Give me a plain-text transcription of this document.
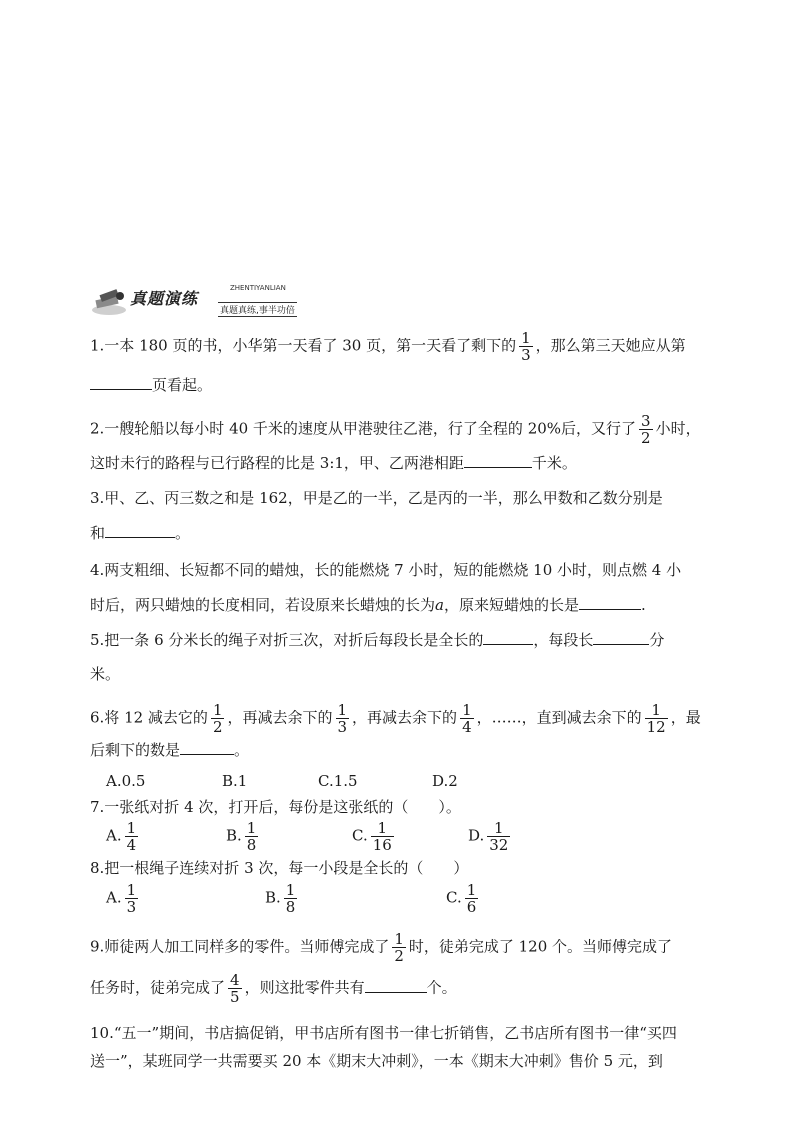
真题演练
ZHENTIYANLIAN
真题真练,事半功倍
1.一本 180 页的书，小华第一天看了 30 页，第一天看了剩下的 $\frac{1}{3}$ ，那么第三天她应从第
页看起。
2.一艘轮船以每小时 40 千米的速度从甲港驶往乙港，行了全程的 20%后，又行了 $\frac{3}{2}$ 小时，
这时未行的路程与已行路程的比是 3:1，甲、乙两港相距	千米。
3.甲、乙、丙三数之和是 162，甲是乙的一半，乙是丙的一半，那么甲数和乙数分别是
和	。
4.两支粗细、长短都不同的蜡烛，长的能燃烧 7 小时，短的能燃烧 10 小时，则点燃 4 小
时后，两只蜡烛的长度相同，若设原来长蜡烛的长为a，原来短蜡烛的长是	.
5.把一条 6 分米长的绳子对折三次，对折后每段长是全长的	，每段长	分
米。
6.将 12 减去它的 $\frac{1}{2}$ ，再减去余下的 $\frac{1}{3}$ ，再减去余下的 $\frac{1}{4}$ ，……，直到减去余下的 $\frac{1}{12}$ ，最
后剩下的数是	。
A.0.5	B.1	C.1.5	D.2
7.一张纸对折 4 次，打开后，每份是这张纸的（　　）。
A. $\frac{1}{4}$	B. $\frac{1}{8}$	C. $\frac{1}{16}$	D. $\frac{1}{32}$
8.把一根绳子连续对折 3 次，每一小段是全长的（　　）
A. $\frac{1}{3}$	B. $\frac{1}{8}$	C. $\frac{1}{6}$
9.师徒两人加工同样多的零件。当师傅完成了 $\frac{1}{2}$ 时，徒弟完成了 120 个。当师傅完成了
任务时，徒弟完成了 $\frac{4}{5}$ ，则这批零件共有	个。
10.“五一”期间，书店搞促销，甲书店所有图书一律七折销售，乙书店所有图书一律“买四
送一”，某班同学一共需要买 20 本《期末大冲刺》，一本《期末大冲刺》售价 5 元，到
